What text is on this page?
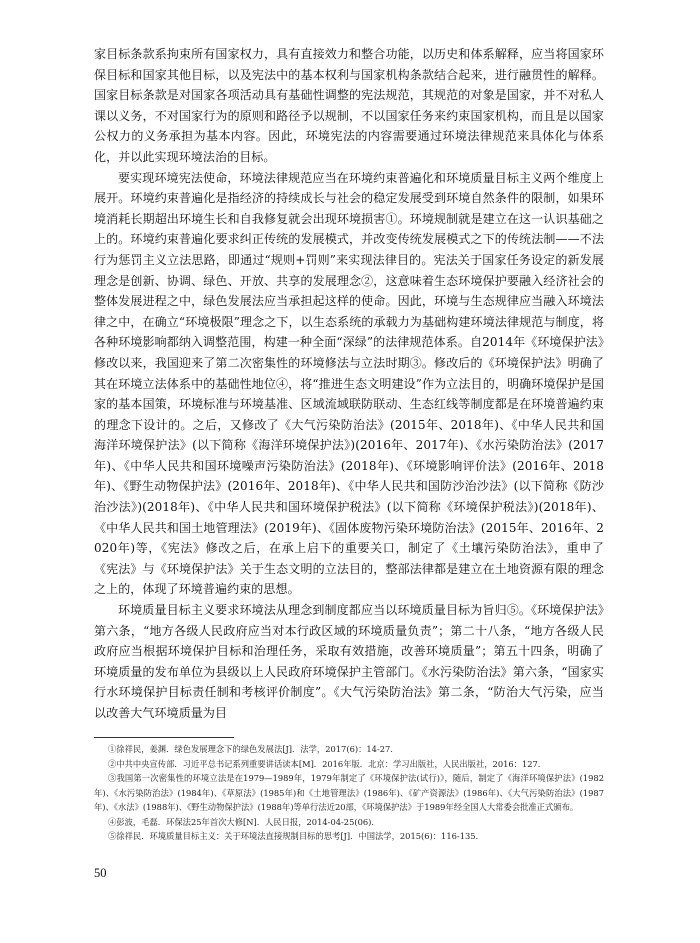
家目标条款系拘束所有国家权力，具有直接效力和整合功能，以历史和体系解释，应当将国家环保目标和国家其他目标，以及宪法中的基本权利与国家机构条款结合起来，进行融贯性的解释。国家目标条款是对国家各项活动具有基础性调整的宪法规范，其规范的对象是国家，并不对私人课以义务，不对国家行为的原则和路径予以规制，不以国家任务来约束国家机构，而且是以国家公权力的义务承担为基本内容。因此，环境宪法的内容需要通过环境法律规范来具体化与体系化，并以此实现环境法治的目标。

要实现环境宪法使命，环境法律规范应当在环境约束普遍化和环境质量目标主义两个维度上展开。环境约束普遍化是指经济的持续成长与社会的稳定发展受到环境自然条件的限制，如果环境消耗长期超出环境生长和自我修复就会出现环境损害①。环境规制就是建立在这一认识基础之上的。环境约束普遍化要求纠正传统的发展模式，并改变传统发展模式之下的传统法制——不法行为惩罚主义立法思路，即通过“规则+罚则”来实现法律目的。宪法关于国家任务设定的新发展理念是创新、协调、绿色、开放、共享的发展理念②，这意味着生态环境保护要融入经济社会的整体发展进程之中，绿色发展法应当承担起这样的使命。因此，环境与生态规律应当融入环境法律之中，在确立“环境极限”理念之下，以生态系统的承载力为基础构建环境法律规范与制度，将各种环境影响都纳入调整范围，构建一种全面“深绿”的法律规范体系。自2014年《环境保护法》修改以来，我国迎来了第二次密集性的环境修法与立法时期③。修改后的《环境保护法》明确了其在环境立法体系中的基础性地位④，将“推进生态文明建设”作为立法目的，明确环境保护是国家的基本国策，环境标准与环境基准、区域流域联防联动、生态红线等制度都是在环境普遍约束的理念下设计的。之后，又修改了《大气污染防治法》(2015年、2018年)、《中华人民共和国海洋环境保护法》(以下简称《海洋环境保护法》)(2016年、2017年)、《水污染防治法》(2017年)、《中华人民共和国环境噪声污染防治法》(2018年)、《环境影响评价法》(2016年、2018年)、《野生动物保护法》(2016年、2018年)、《中华人民共和国防沙治沙法》(以下简称《防沙治沙法》)(2018年)、《中华人民共和国环境保护税法》(以下简称《环境保护税法》)(2018年)、《中华人民共和国土地管理法》(2019年)、《固体废物污染环境防治法》(2015年、2016年、2020年)等，《宪法》修改之后，在承上启下的重要关口，制定了《土壤污染防治法》，重申了《宪法》与《环境保护法》关于生态文明的立法目的，整部法律都是建立在土地资源有限的理念之上的，体现了环境普遍约束的思想。

环境质量目标主义要求环境法从理念到制度都应当以环境质量目标为旨归⑤。《环境保护法》第六条，“地方各级人民政府应当对本行政区域的环境质量负责”；第二十八条，“地方各级人民政府应当根据环境保护目标和治理任务，采取有效措施，改善环境质量”；第五十四条，明确了环境质量的发布单位为县级以上人民政府环境保护主管部门。《水污染防治法》第六条，“国家实行水环境保护目标责任制和考核评价制度”。《大气污染防治法》第二条，“防治大气污染，应当以改善大气环境质量为目

①徐祥民，姜渊．绿色发展理念下的绿色发展法[J]．法学，2017(6)：14-27.

②中共中央宣传部．习近平总书记系列重要讲话读本[M]．2016年版．北京：学习出版社，人民出版社，2016：127.

③我国第一次密集性的环境立法是在1979—1989年，1979年制定了《环境保护法(试行)》，随后，制定了《海洋环境保护法》(1982年)、《水污染防治法》(1984年)、《草原法》(1985年)和《土地管理法》(1986年)、《矿产资源法》(1986年)、《大气污染防治法》(1987年)、《水法》(1988年)、《野生动物保护法》(1988年)等单行法近20部，《环境保护法》于1989年经全国人大常委会批准正式颁布。

④彭波，毛磊．环保法25年首次大修[N]．人民日报，2014-04-25(06).

⑤徐祥民．环境质量目标主义：关于环境法直接规制目标的思考[J]．中国法学，2015(6)：116-135.

50
